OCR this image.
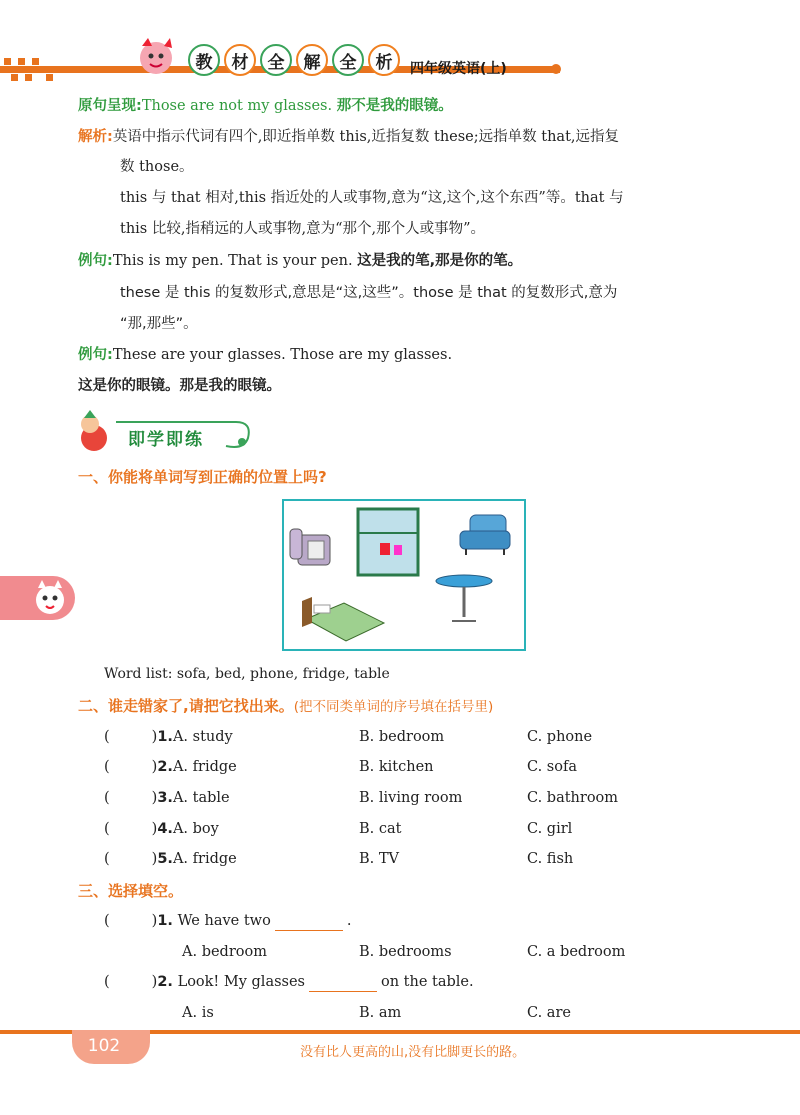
教	材	全	解	全	析	四年级英语(上)
原句呈现:Those are not my glasses. 那不是我的眼镜。
解析:英语中指示代词有四个,即近指单数 this,近指复数 these;远指单数 that,远指复
数 those。
this 与 that 相对,this 指近处的人或事物,意为“这,这个,这个东西”等。that 与
this 比较,指稍远的人或事物,意为“那个,那个人或事物”。
例句:This is my pen. That is your pen. 这是我的笔,那是你的笔。
these 是 this 的复数形式,意思是“这,这些”。those 是 that 的复数形式,意为
“那,那些”。
例句:These are your glasses. Those are my glasses.
这是你的眼镜。那是我的眼镜。
即学即练
一、你能将单词写到正确的位置上吗?
Word list: sofa, bed, phone, fridge, table
二、谁走错家了,请把它找出来。(把不同类单词的序号填在括号里)
(	)1.A. study	B. bedroom	C. phone
(	)2.A. fridge	B. kitchen	C. sofa
(	)3.A. table	B. living room	C. bathroom
(	)4.A. boy	B. cat	C. girl
(	)5.A. fridge	B. TV	C. fish
三、选择填空。
(	)1. We have two	.
A. bedroom	B. bedrooms	C. a bedroom
(	)2. Look! My glasses	on the table.
A. is	B. am	C. are
102	没有比人更高的山,没有比脚更长的路。
